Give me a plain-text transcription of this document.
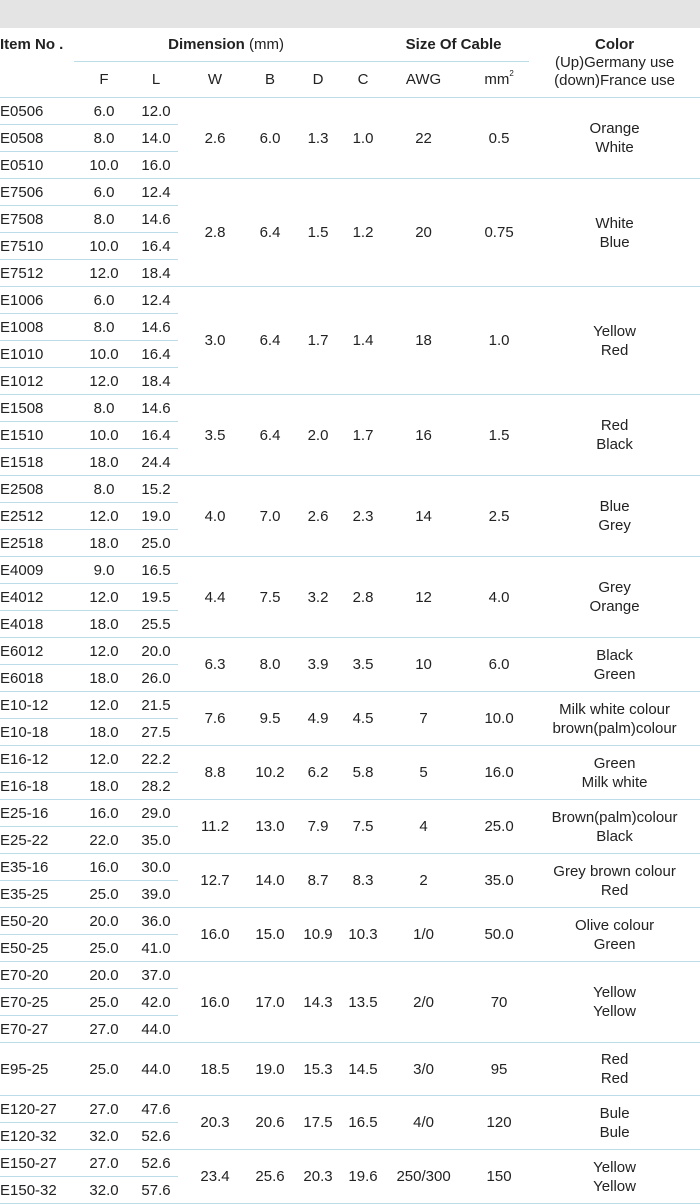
Item No .	Dimension (mm)						Size Of Cable		Color
(Up)Germany use
(down)France use

	F	L	W	B	D	C	AWG	$mm^2$
E0506	6.0	12.0	2.6	6.0	1.3	1.0	22	0.5	Orange
White

E0508	8.0	14.0							
E0510	10.0	16.0							
E7506	6.0	12.4	2.8	6.4	1.5	1.2	20	0.75	White
Blue

E7508	8.0	14.6							
E7510	10.0	16.4							
E7512	12.0	18.4							
E1006	6.0	12.4	3.0	6.4	1.7	1.4	18	1.0	Yellow
Red

E1008	8.0	14.6							
E1010	10.0	16.4							
E1012	12.0	18.4							
E1508	8.0	14.6	3.5	6.4	2.0	1.7	16	1.5	Red
Black

E1510	10.0	16.4							
E1518	18.0	24.4							
E2508	8.0	15.2	4.0	7.0	2.6	2.3	14	2.5	Blue
Grey

E2512	12.0	19.0							
E2518	18.0	25.0							
E4009	9.0	16.5	4.4	7.5	3.2	2.8	12	4.0	Grey
Orange

E4012	12.0	19.5							
E4018	18.0	25.5							
E6012	12.0	20.0	6.3	8.0	3.9	3.5	10	6.0	Black
Green

E6018	18.0	26.0							
E10-12	12.0	21.5	7.6	9.5	4.9	4.5	7	10.0	Milk white colour
brown(palm)colour

E10-18	18.0	27.5							
E16-12	12.0	22.2	8.8	10.2	6.2	5.8	5	16.0	Green
Milk white

E16-18	18.0	28.2							
E25-16	16.0	29.0	11.2	13.0	7.9	7.5	4	25.0	Brown(palm)colour
Black

E25-22	22.0	35.0							
E35-16	16.0	30.0	12.7	14.0	8.7	8.3	2	35.0	Grey brown colour
Red

E35-25	25.0	39.0							
E50-20	20.0	36.0	16.0	15.0	10.9	10.3	1/0	50.0	Olive colour
Green

E50-25	25.0	41.0							
E70-20	20.0	37.0	16.0	17.0	14.3	13.5	2/0	70	Yellow
Yellow

E70-25	25.0	42.0							
E70-27	27.0	44.0							
E95-25	25.0	44.0	18.5	19.0	15.3	14.5	3/0	95	Red
Red

E120-27	27.0	47.6	20.3	20.6	17.5	16.5	4/0	120	Bule
Bule

E120-32	32.0	52.6							
E150-27	27.0	52.6	23.4	25.6	20.3	19.6	250/300	150	Yellow
Yellow

E150-32	32.0	57.6							
